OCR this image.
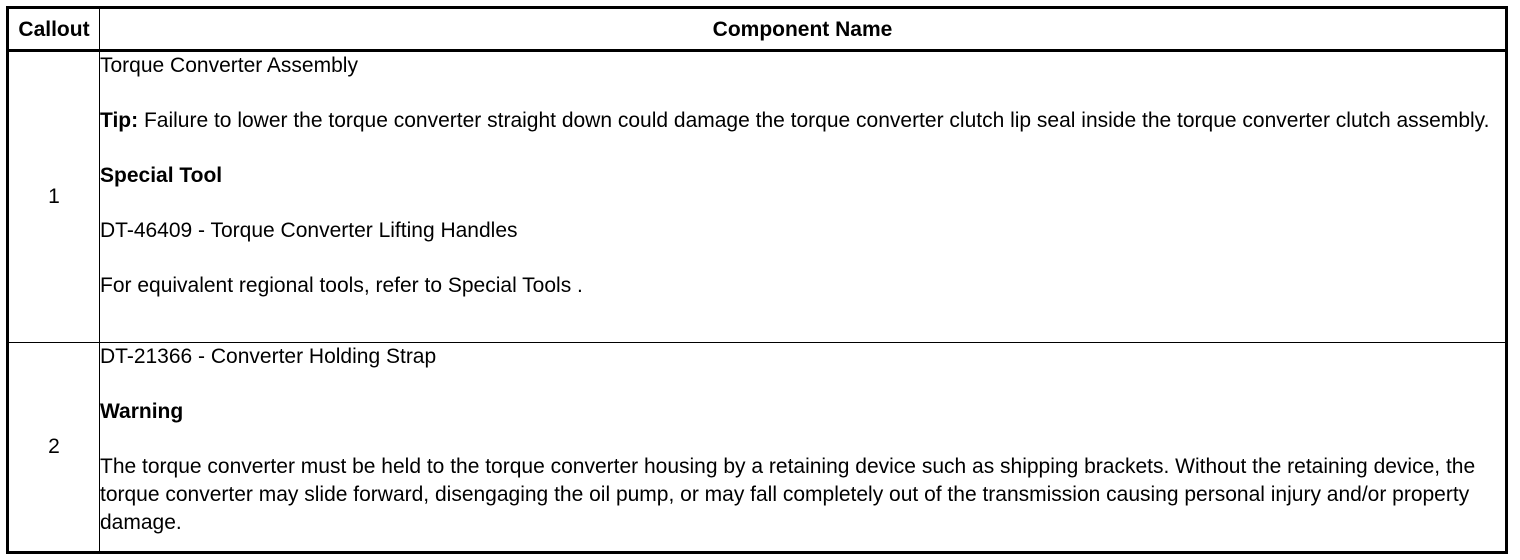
Callout	Component Name
1	Torque Converter Assembly

Tip: Failure to lower the torque converter straight down could damage the torque converter clutch lip seal inside the torque converter clutch assembly.

Special Tool

DT-46409 - Torque Converter Lifting Handles

For equivalent regional tools, refer to Special Tools .

2	DT-21366 - Converter Holding Strap

Warning

The torque converter must be held to the torque converter housing by a retaining device such as shipping brackets. Without the retaining device, the torque converter may slide forward, disengaging the oil pump, or may fall completely out of the transmission causing personal injury and/or property damage.
